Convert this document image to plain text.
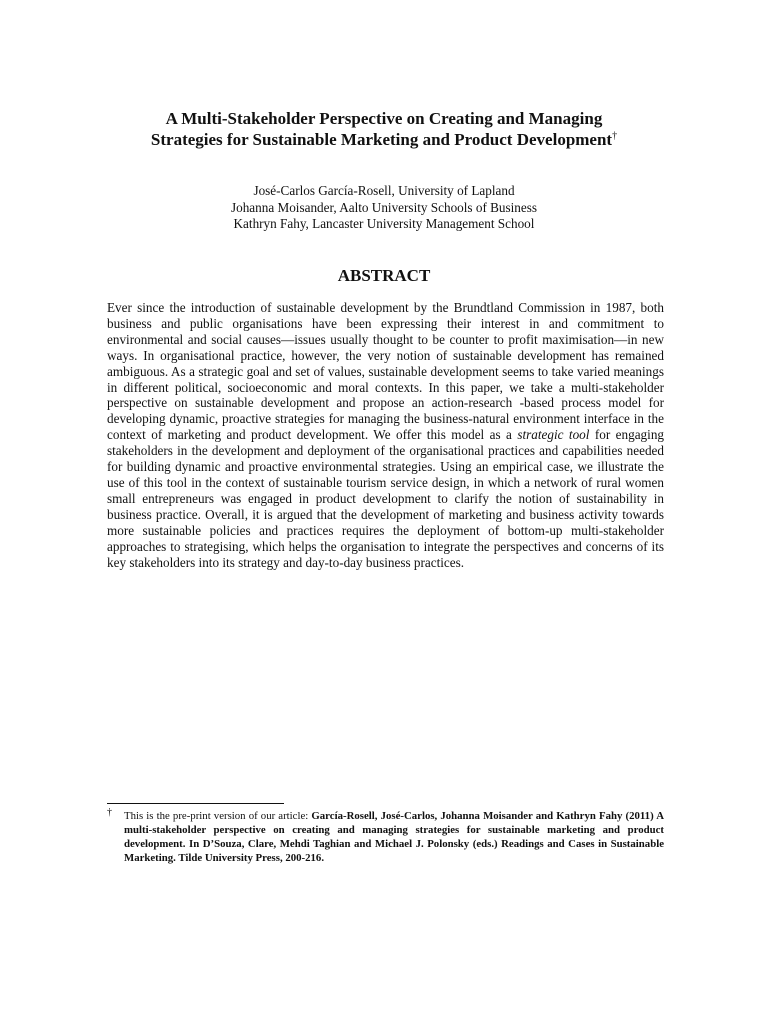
A Multi-Stakeholder Perspective on Creating and Managing
Strategies for Sustainable Marketing and Product Development†
José-Carlos García-Rosell, University of Lapland
Johanna Moisander, Aalto University Schools of Business
Kathryn Fahy, Lancaster University Management School
ABSTRACT
Ever since the introduction of sustainable development by the Brundtland Commission in 1987, both business and public organisations have been expressing their interest in and commitment to environmental and social causes—issues usually thought to be counter to profit maximisation—in new ways. In organisational practice, however, the very notion of sustainable development has remained ambiguous. As a strategic goal and set of values, sustainable development seems to take varied meanings in different political, socioeconomic and moral contexts. In this paper, we take a multi-stakeholder perspective on sustainable development and propose an action-research -based process model for developing dynamic, proactive strategies for managing the business-natural environment interface in the context of marketing and product development. We offer this model as a strategic tool for engaging stakeholders in the development and deployment of the organisational practices and capabilities needed for building dynamic and proactive environmental strategies. Using an empirical case, we illustrate the use of this tool in the context of sustainable tourism service design, in which a network of rural women small entrepreneurs was engaged in product development to clarify the notion of sustainability in business practice. Overall, it is argued that the development of marketing and business activity towards more sustainable policies and practices requires the deployment of bottom-up multi-stakeholder approaches to strategising, which helps the organisation to integrate the perspectives and concerns of its key stakeholders into its strategy and day-to-day business practices.
†	This is the pre-print version of our article: García-Rosell, José-Carlos, Johanna Moisander and Kathryn Fahy (2011) A multi-stakeholder perspective on creating and managing strategies for sustainable marketing and product development. In D’Souza, Clare, Mehdi Taghian and Michael J. Polonsky (eds.) Readings and Cases in Sustainable Marketing. Tilde University Press, 200-216.
